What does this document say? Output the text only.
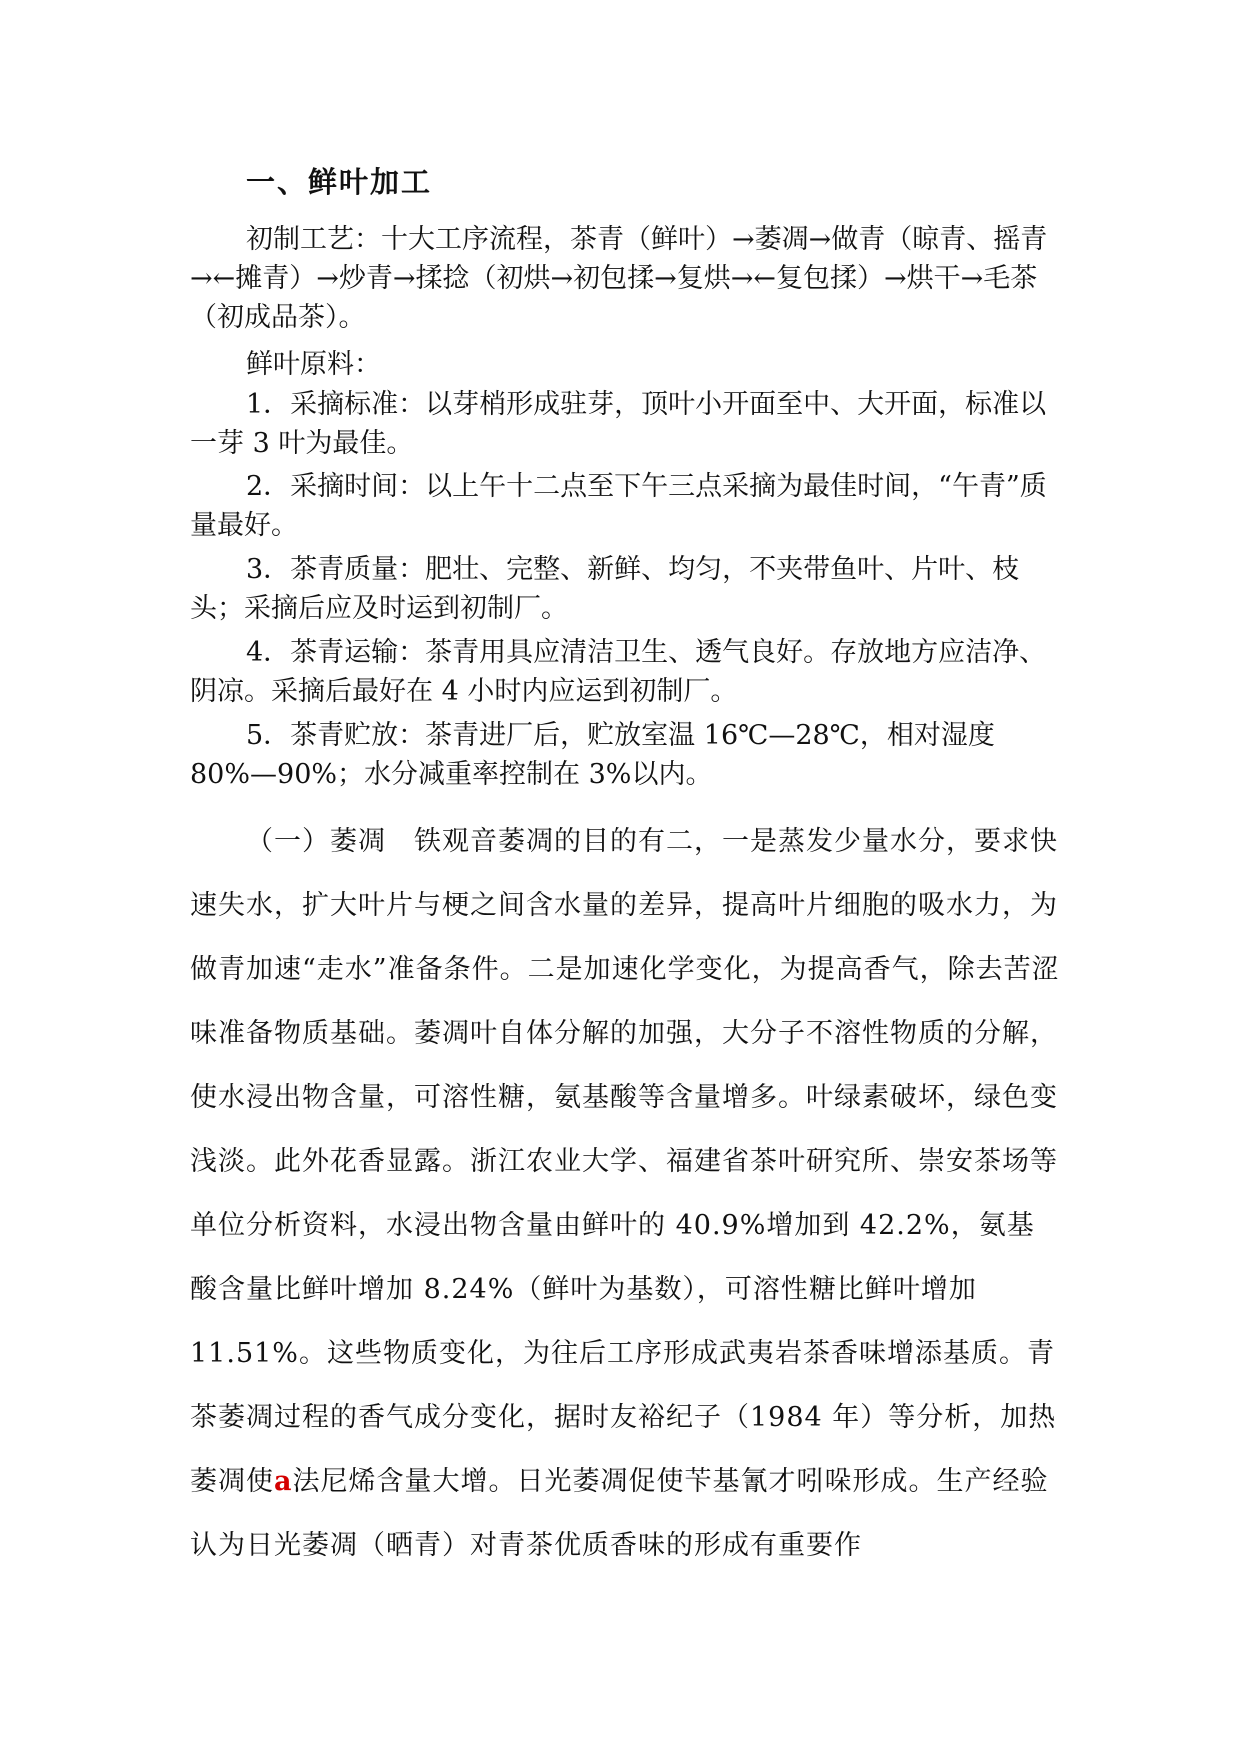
一、鲜叶加工

初制工艺：十大工序流程，茶青（鲜叶）→萎凋→做青（晾青、摇青→←摊青）→炒青→揉捻（初烘→初包揉→复烘→←复包揉）→烘干→毛茶（初成品茶）。

鲜叶原料：

1．采摘标准：以芽梢形成驻芽，顶叶小开面至中、大开面，标准以一芽 3 叶为最佳。

2．采摘时间：以上午十二点至下午三点采摘为最佳时间，“午青”质量最好。

3．茶青质量：肥壮、完整、新鲜、均匀，不夹带鱼叶、片叶、枝头；采摘后应及时运到初制厂。

4．茶青运输：茶青用具应清洁卫生、透气良好。存放地方应洁净、阴凉。采摘后最好在 4 小时内应运到初制厂。

5．茶青贮放：茶青进厂后，贮放室温 16℃—28℃，相对湿度 80%—90%；水分减重率控制在 3%以内。

（一）萎凋　铁观音萎凋的目的有二，一是蒸发少量水分，要求快速失水，扩大叶片与梗之间含水量的差异，提高叶片细胞的吸水力，为做青加速“走水”准备条件。二是加速化学变化，为提高香气，除去苦涩味准备物质基础。萎凋叶自体分解的加强，大分子不溶性物质的分解，使水浸出物含量，可溶性糖，氨基酸等含量增多。叶绿素破坏，绿色变浅淡。此外花香显露。浙江农业大学、福建省茶叶研究所、崇安茶场等单位分析资料，水浸出物含量由鲜叶的 40.9%增加到 42.2%，氨基酸含量比鲜叶增加 8.24%（鲜叶为基数），可溶性糖比鲜叶增加 11.51%。这些物质变化，为往后工序形成武夷岩茶香味增添基质。青茶萎凋过程的香气成分变化，据时友裕纪子（1984 年）等分析，加热萎凋使a法尼烯含量大增。日光萎凋促使苄基氰才吲哚形成。生产经验认为日光萎凋（晒青）对青茶优质香味的形成有重要作
